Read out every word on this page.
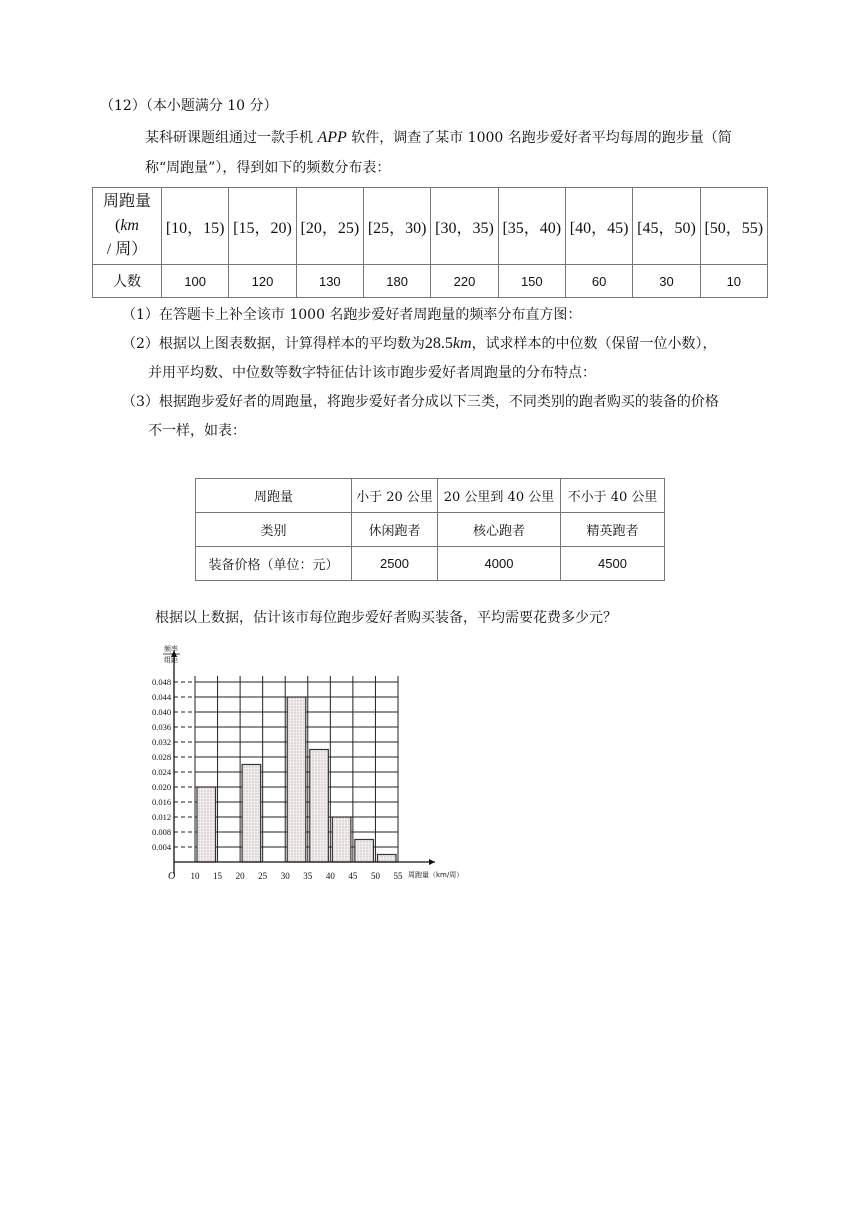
（12）（本小题满分 10 分）
某科研课题组通过一款手机 APP 软件，调查了某市 1000 名跑步爱好者平均每周的跑步量（简
称“周跑量”），得到如下的频数分布表：
周跑量
(km / 周）	[10，15)	[15，20)	[20，25)	[25，30)	[30，35)	[35，40)	[40，45)	[45，50)	[50，55)
人数	100	120	130	180	220	150	60	30	10
（1）在答题卡上补全该市 1000 名跑步爱好者周跑量的频率分布直方图：
（2）根据以上图表数据，计算得样本的平均数为28.5km，试求样本的中位数（保留一位小数），
并用平均数、中位数等数字特征估计该市跑步爱好者周跑量的分布特点：
（3）根据跑步爱好者的周跑量，将跑步爱好者分成以下三类，不同类别的跑者购买的装备的价格
不一样，如表：
周跑量	小于 20 公里	20 公里到 40 公里	不小于 40 公里
类别	休闲跑者	核心跑者	精英跑者
装备价格（单位：元）	2500	4000	4500
根据以上数据，估计该市每位跑步爱好者购买装备，平均需要花费多少元？
0.004
0.008
0.012
0.016
0.020
0.024
0.028
0.032
0.036
0.040
0.044
0.048
10 15 20 25 30 35 40 45 50 55
O
频率
组距
周跑量（km/周）
